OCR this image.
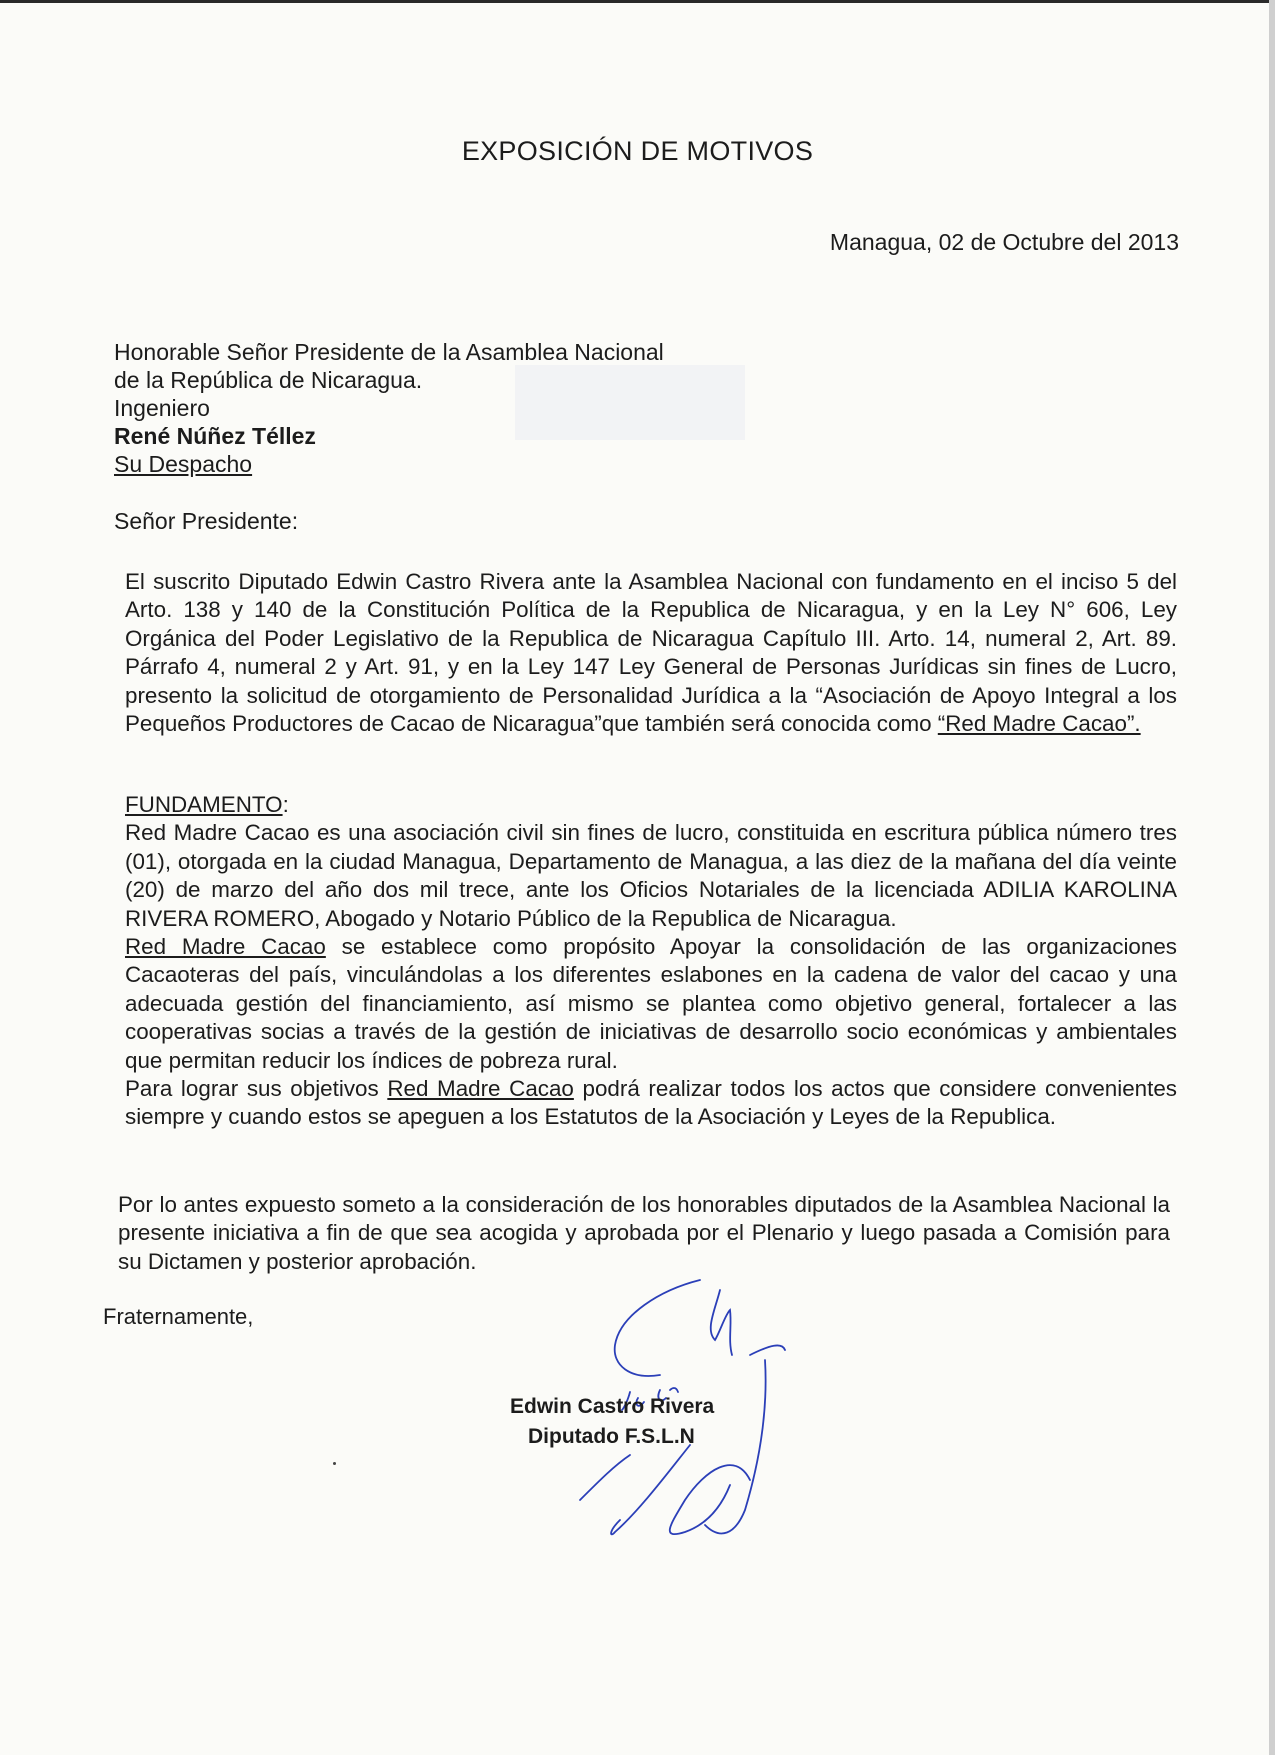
EXPOSICIÓN DE MOTIVOS
Managua, 02 de Octubre del 2013
Honorable Señor Presidente de la Asamblea Nacional
de la República de Nicaragua.
Ingeniero
René Núñez Téllez
Su Despacho
Señor Presidente:
El suscrito Diputado Edwin Castro Rivera ante la Asamblea Nacional con fundamento en el inciso 5 del Arto. 138 y 140 de la Constitución Política de la Republica de Nicaragua, y en la Ley N° 606, Ley Orgánica del Poder Legislativo de la Republica de Nicaragua Capítulo III. Arto. 14, numeral 2, Art. 89. Párrafo 4, numeral 2 y Art. 91, y en la Ley 147 Ley General de Personas Jurídicas sin fines de Lucro, presento la solicitud de otorgamiento de Personalidad Jurídica a la “Asociación de Apoyo Integral a los Pequeños Productores de Cacao de Nicaragua”que también será conocida como “Red Madre Cacao”.
FUNDAMENTO:
Red Madre Cacao es una asociación civil sin fines de lucro, constituida en escritura pública número tres (01), otorgada en la ciudad Managua, Departamento de Managua, a las diez de la mañana del día veinte (20) de marzo del año dos mil trece, ante los Oficios Notariales de la licenciada ADILIA KAROLINA RIVERA ROMERO, Abogado y Notario Público de la Republica de Nicaragua.
Red Madre Cacao se establece como propósito Apoyar la consolidación de las organizaciones Cacaoteras del país, vinculándolas a los diferentes eslabones en la cadena de valor del cacao y una adecuada gestión del financiamiento, así mismo se plantea como objetivo general, fortalecer a las cooperativas socias a través de la gestión de iniciativas de desarrollo socio económicas y ambientales que permitan reducir los índices de pobreza rural.
Para lograr sus objetivos Red Madre Cacao podrá realizar todos los actos que considere convenientes siempre y cuando estos se apeguen a los Estatutos de la Asociación y Leyes de la Republica.
Por lo antes expuesto someto a la consideración de los honorables diputados de la Asamblea Nacional la presente iniciativa a fin de que sea acogida y aprobada por el Plenario y luego pasada a Comisión para su Dictamen y posterior aprobación.
Fraternamente,
Edwin Castro Rivera
Diputado F.S.L.N
